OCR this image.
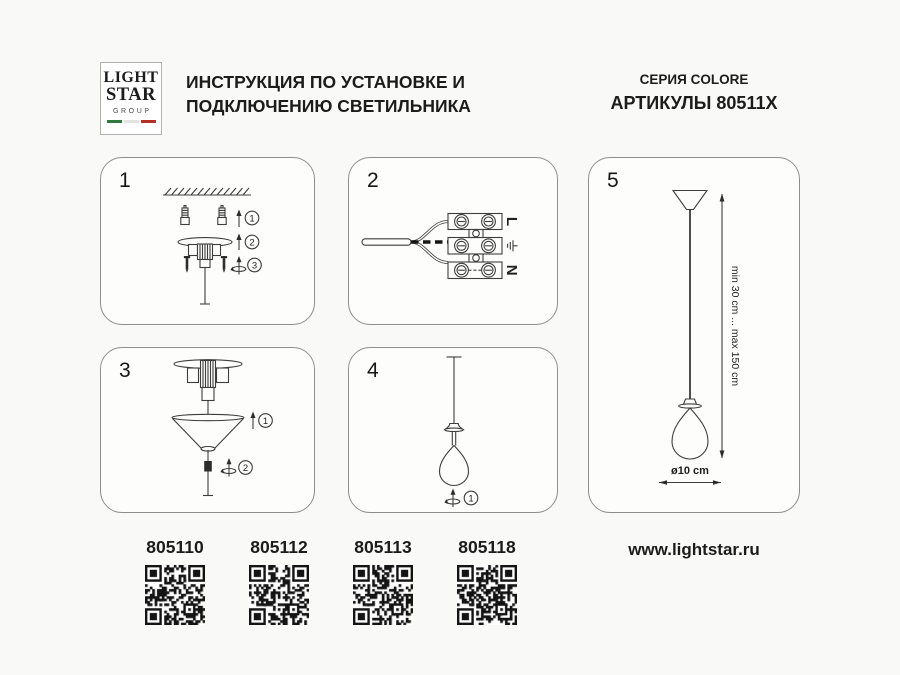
LIGHT
STAR
GROUP
ИНСТРУКЦИЯ ПО УСТАНОВКЕ И
ПОДКЛЮЧЕНИЮ СВЕТИЛЬНИКА
СЕРИЯ COLORE
АРТИКУЛЫ 80511X
1
1
2
3
2
L
N
3
1
2
4
1
5
min 30 cm ... max 150 cm
ø10 cm
805110	805112	805113	805118	www.lightstar.ru
